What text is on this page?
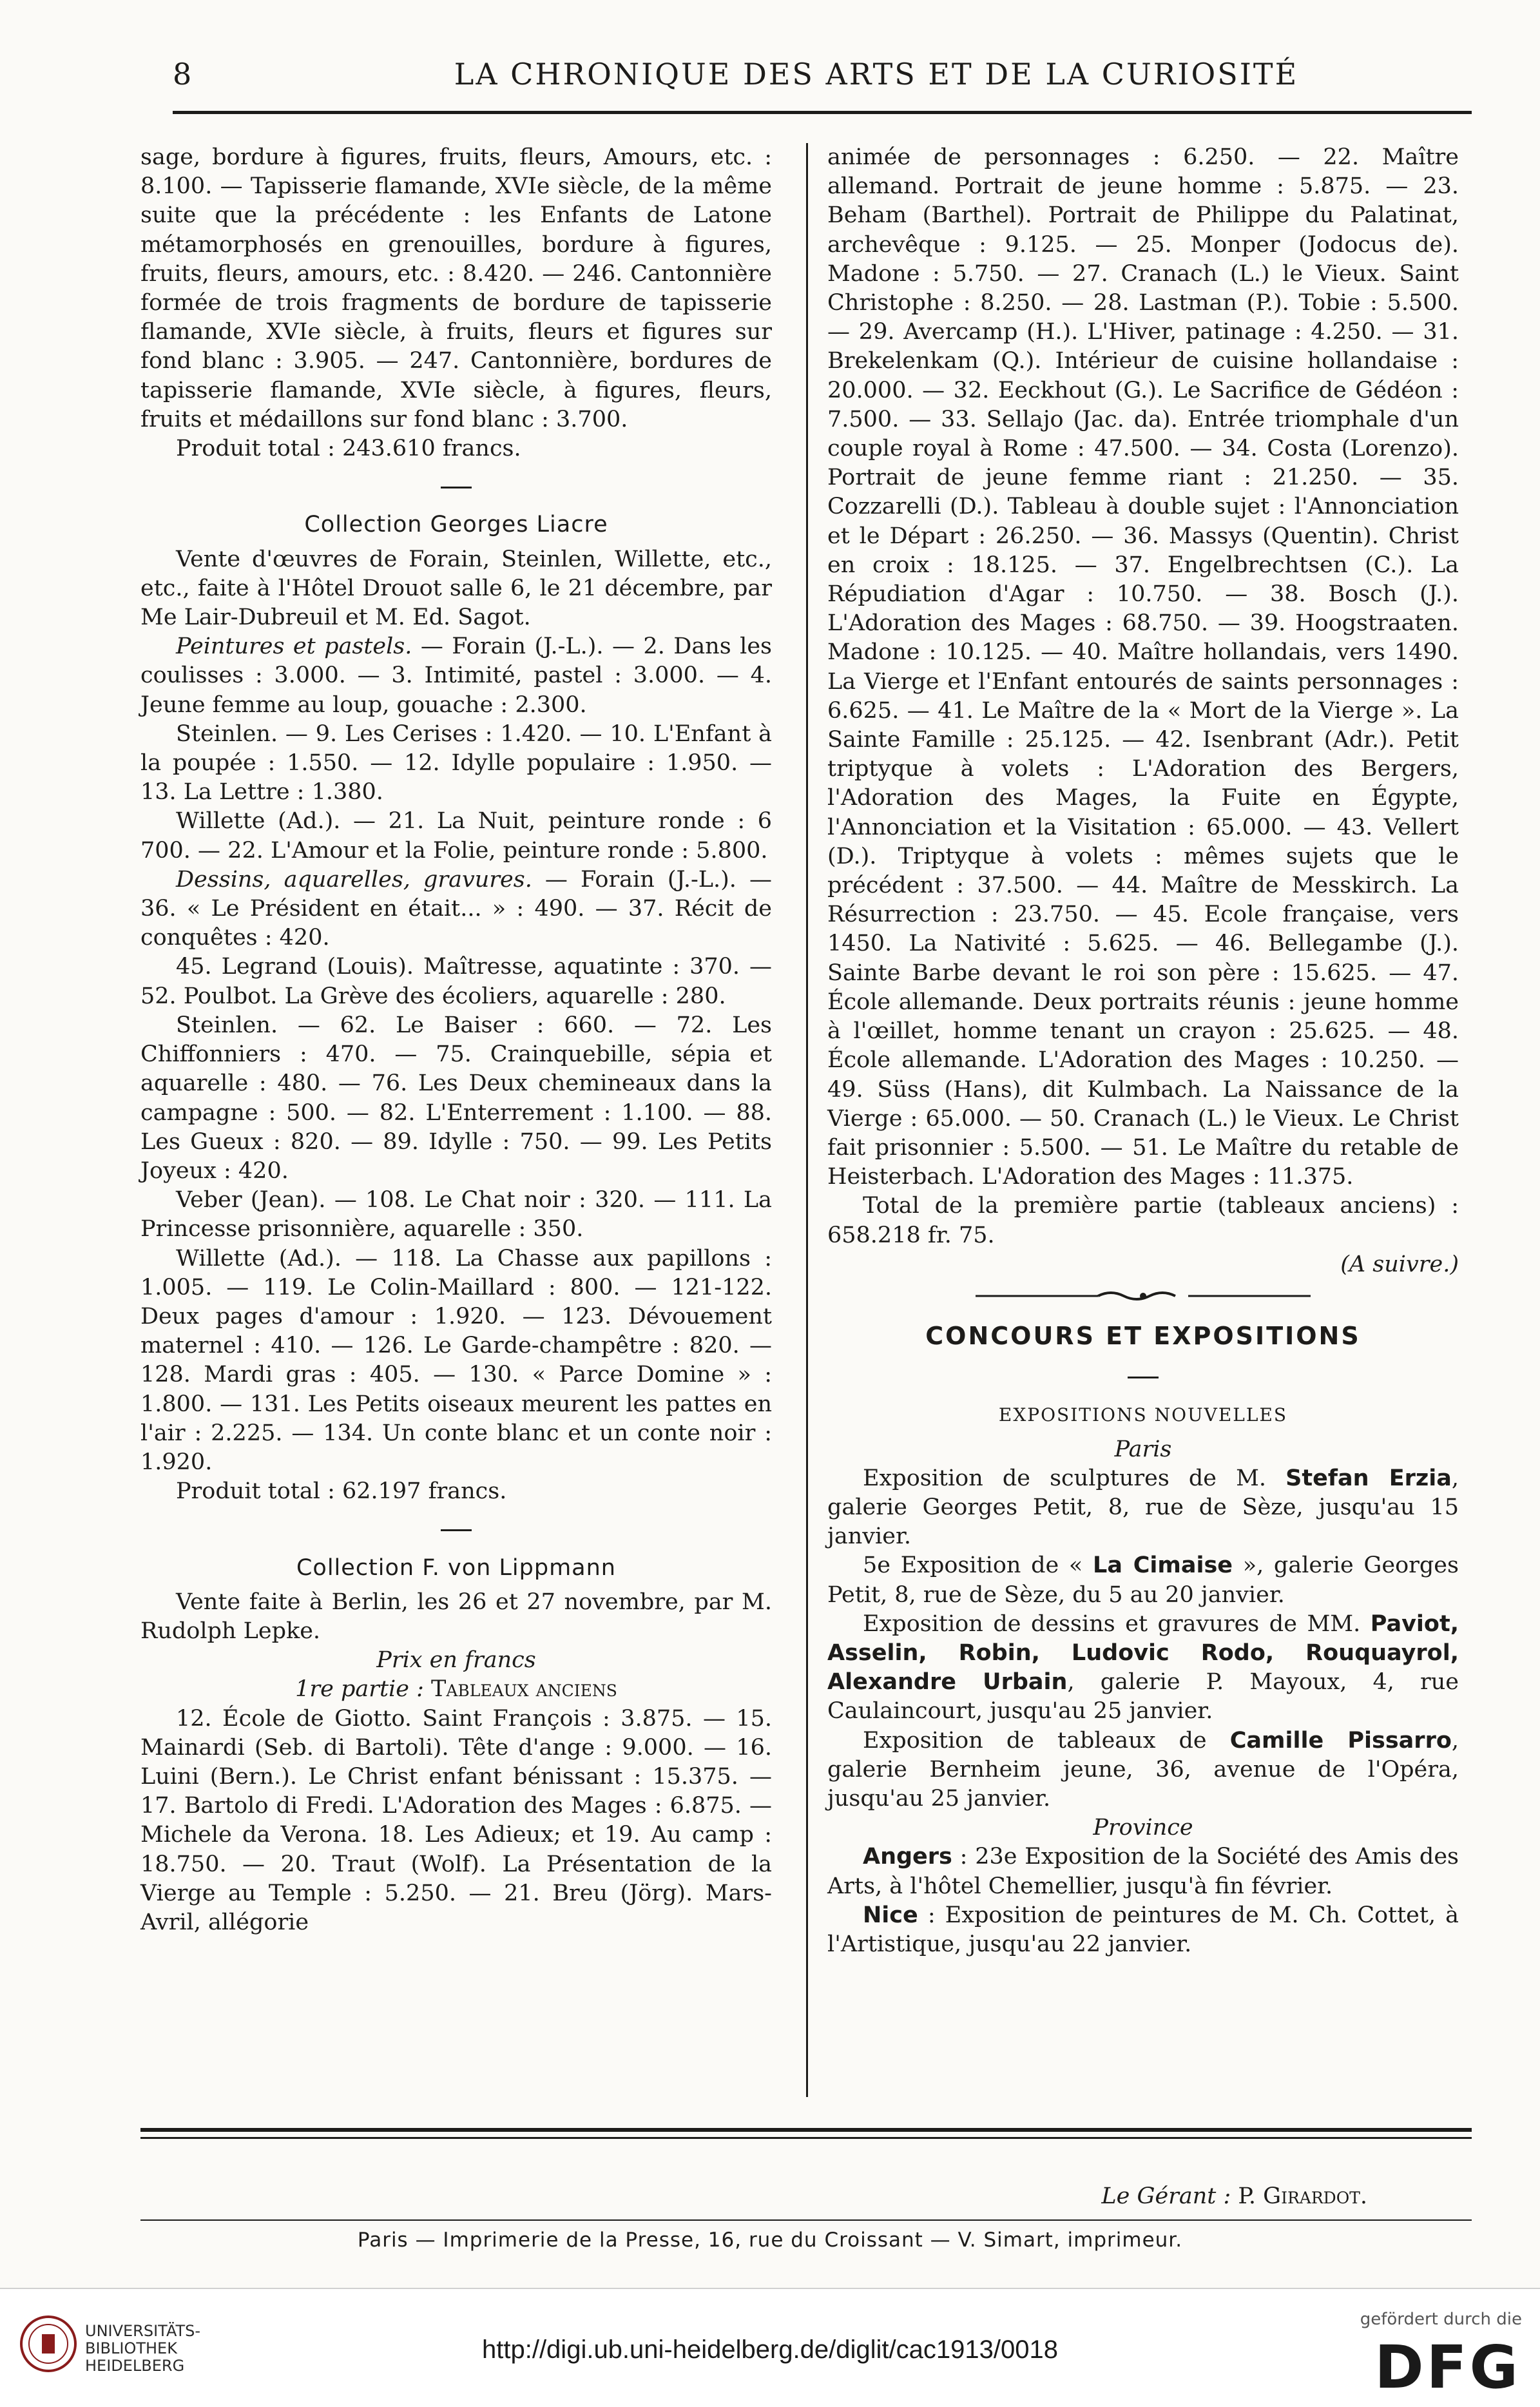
8	LA CHRONIQUE DES ARTS ET DE LA CURIOSITÉ

sage, bordure à figures, fruits, fleurs, Amours, etc. : 8.100. — Tapisserie flamande, XVIe siècle, de la même suite que la précédente : les Enfants de Latone métamorphosés en grenouilles, bordure à figures, fruits, fleurs, amours, etc. : 8.420. — 246. Cantonnière formée de trois fragments de bordure de tapisserie flamande, XVIe siècle, à fruits, fleurs et figures sur fond blanc : 3.905. — 247. Cantonnière, bordures de tapisserie flamande, XVIe siècle, à figures, fleurs, fruits et médaillons sur fond blanc : 3.700.

Produit total : 243.610 francs.

Collection Georges Liacre

Vente d'œuvres de Forain, Steinlen, Willette, etc., etc., faite à l'Hôtel Drouot salle 6, le 21 décembre, par Me Lair-Dubreuil et M. Ed. Sagot.

Peintures et pastels. — Forain (J.-L.). — 2. Dans les coulisses : 3.000. — 3. Intimité, pastel : 3.000. — 4. Jeune femme au loup, gouache : 2.300.

Steinlen. — 9. Les Cerises : 1.420. — 10. L'Enfant à la poupée : 1.550. — 12. Idylle populaire : 1.950. — 13. La Lettre : 1.380.

Willette (Ad.). — 21. La Nuit, peinture ronde : 6 700. — 22. L'Amour et la Folie, peinture ronde : 5.800.

Dessins, aquarelles, gravures. — Forain (J.-L.). — 36. « Le Président en était... » : 490. — 37. Récit de conquêtes : 420.

45. Legrand (Louis). Maîtresse, aquatinte : 370. — 52. Poulbot. La Grève des écoliers, aquarelle : 280.

Steinlen. — 62. Le Baiser : 660. — 72. Les Chiffonniers : 470. — 75. Crainquebille, sépia et aquarelle : 480. — 76. Les Deux chemineaux dans la campagne : 500. — 82. L'Enterrement : 1.100. — 88. Les Gueux : 820. — 89. Idylle : 750. — 99. Les Petits Joyeux : 420.

Veber (Jean). — 108. Le Chat noir : 320. — 111. La Princesse prisonnière, aquarelle : 350.

Willette (Ad.). — 118. La Chasse aux papillons : 1.005. — 119. Le Colin-Maillard : 800. — 121-122. Deux pages d'amour : 1.920. — 123. Dévouement maternel : 410. — 126. Le Garde-champêtre : 820. — 128. Mardi gras : 405. — 130. « Parce Domine » : 1.800. — 131. Les Petits oiseaux meurent les pattes en l'air : 2.225. — 134. Un conte blanc et un conte noir : 1.920.

Produit total : 62.197 francs.

Collection F. von Lippmann

Vente faite à Berlin, les 26 et 27 novembre, par M. Rudolph Lepke.

Prix en francs

1re partie : Tableaux anciens

12. École de Giotto. Saint François : 3.875. — 15. Mainardi (Seb. di Bartoli). Tête d'ange : 9.000. — 16. Luini (Bern.). Le Christ enfant bénissant : 15.375. — 17. Bartolo di Fredi. L'Adoration des Mages : 6.875. — Michele da Verona. 18. Les Adieux; et 19. Au camp : 18.750. — 20. Traut (Wolf). La Présentation de la Vierge au Temple : 5.250. — 21. Breu (Jörg). Mars-Avril, allégorie

animée de personnages : 6.250. — 22. Maître allemand. Portrait de jeune homme : 5.875. — 23. Beham (Barthel). Portrait de Philippe du Palatinat, archevêque : 9.125. — 25. Monper (Jodocus de). Madone : 5.750. — 27. Cranach (L.) le Vieux. Saint Christophe : 8.250. — 28. Lastman (P.). Tobie : 5.500. — 29. Avercamp (H.). L'Hiver, patinage : 4.250. — 31. Brekelenkam (Q.). Intérieur de cuisine hollandaise : 20.000. — 32. Eeckhout (G.). Le Sacrifice de Gédéon : 7.500. — 33. Sellajo (Jac. da). Entrée triomphale d'un couple royal à Rome : 47.500. — 34. Costa (Lorenzo). Portrait de jeune femme riant : 21.250. — 35. Cozzarelli (D.). Tableau à double sujet : l'Annonciation et le Départ : 26.250. — 36. Massys (Quentin). Christ en croix : 18.125. — 37. Engelbrechtsen (C.). La Répudiation d'Agar : 10.750. — 38. Bosch (J.). L'Adoration des Mages : 68.750. — 39. Hoogstraaten. Madone : 10.125. — 40. Maître hollandais, vers 1490. La Vierge et l'Enfant entourés de saints personnages : 6.625. — 41. Le Maître de la « Mort de la Vierge ». La Sainte Famille : 25.125. — 42. Isenbrant (Adr.). Petit triptyque à volets : L'Adoration des Bergers, l'Adoration des Mages, la Fuite en Égypte, l'Annonciation et la Visitation : 65.000. — 43. Vellert (D.). Triptyque à volets : mêmes sujets que le précédent : 37.500. — 44. Maître de Messkirch. La Résurrection : 23.750. — 45. Ecole française, vers 1450. La Nativité : 5.625. — 46. Bellegambe (J.). Sainte Barbe devant le roi son père : 15.625. — 47. École allemande. Deux portraits réunis : jeune homme à l'œillet, homme tenant un crayon : 25.625. — 48. École allemande. L'Adoration des Mages : 10.250. — 49. Süss (Hans), dit Kulmbach. La Naissance de la Vierge : 65.000. — 50. Cranach (L.) le Vieux. Le Christ fait prisonnier : 5.500. — 51. Le Maître du retable de Heisterbach. L'Adoration des Mages : 11.375.

Total de la première partie (tableaux anciens) : 658.218 fr. 75.

(A suivre.)

CONCOURS ET EXPOSITIONS
EXPOSITIONS NOUVELLES

Paris

Exposition de sculptures de M. Stefan Erzia, galerie Georges Petit, 8, rue de Sèze, jusqu'au 15 janvier.

5e Exposition de « La Cimaise », galerie Georges Petit, 8, rue de Sèze, du 5 au 20 janvier.

Exposition de dessins et gravures de MM. Paviot, Asselin, Robin, Ludovic Rodo, Rouquayrol, Alexandre Urbain, galerie P. Mayoux, 4, rue Caulaincourt, jusqu'au 25 janvier.

Exposition de tableaux de Camille Pissarro, galerie Bernheim jeune, 36, avenue de l'Opéra, jusqu'au 25 janvier.

Province

Angers : 23e Exposition de la Société des Amis des Arts, à l'hôtel Chemellier, jusqu'à fin février.

Nice : Exposition de peintures de M. Ch. Cottet, à l'Artistique, jusqu'au 22 janvier.

Le Gérant : P. Girardot.
Paris — Imprimerie de la Presse, 16, rue du Croissant — V. Simart, imprimeur.
UNIVERSITÄTS-
BIBLIOTHEK
HEIDELBERG
http://digi.ub.uni-heidelberg.de/diglit/cac1913/0018
gefördert durch die
DFG
